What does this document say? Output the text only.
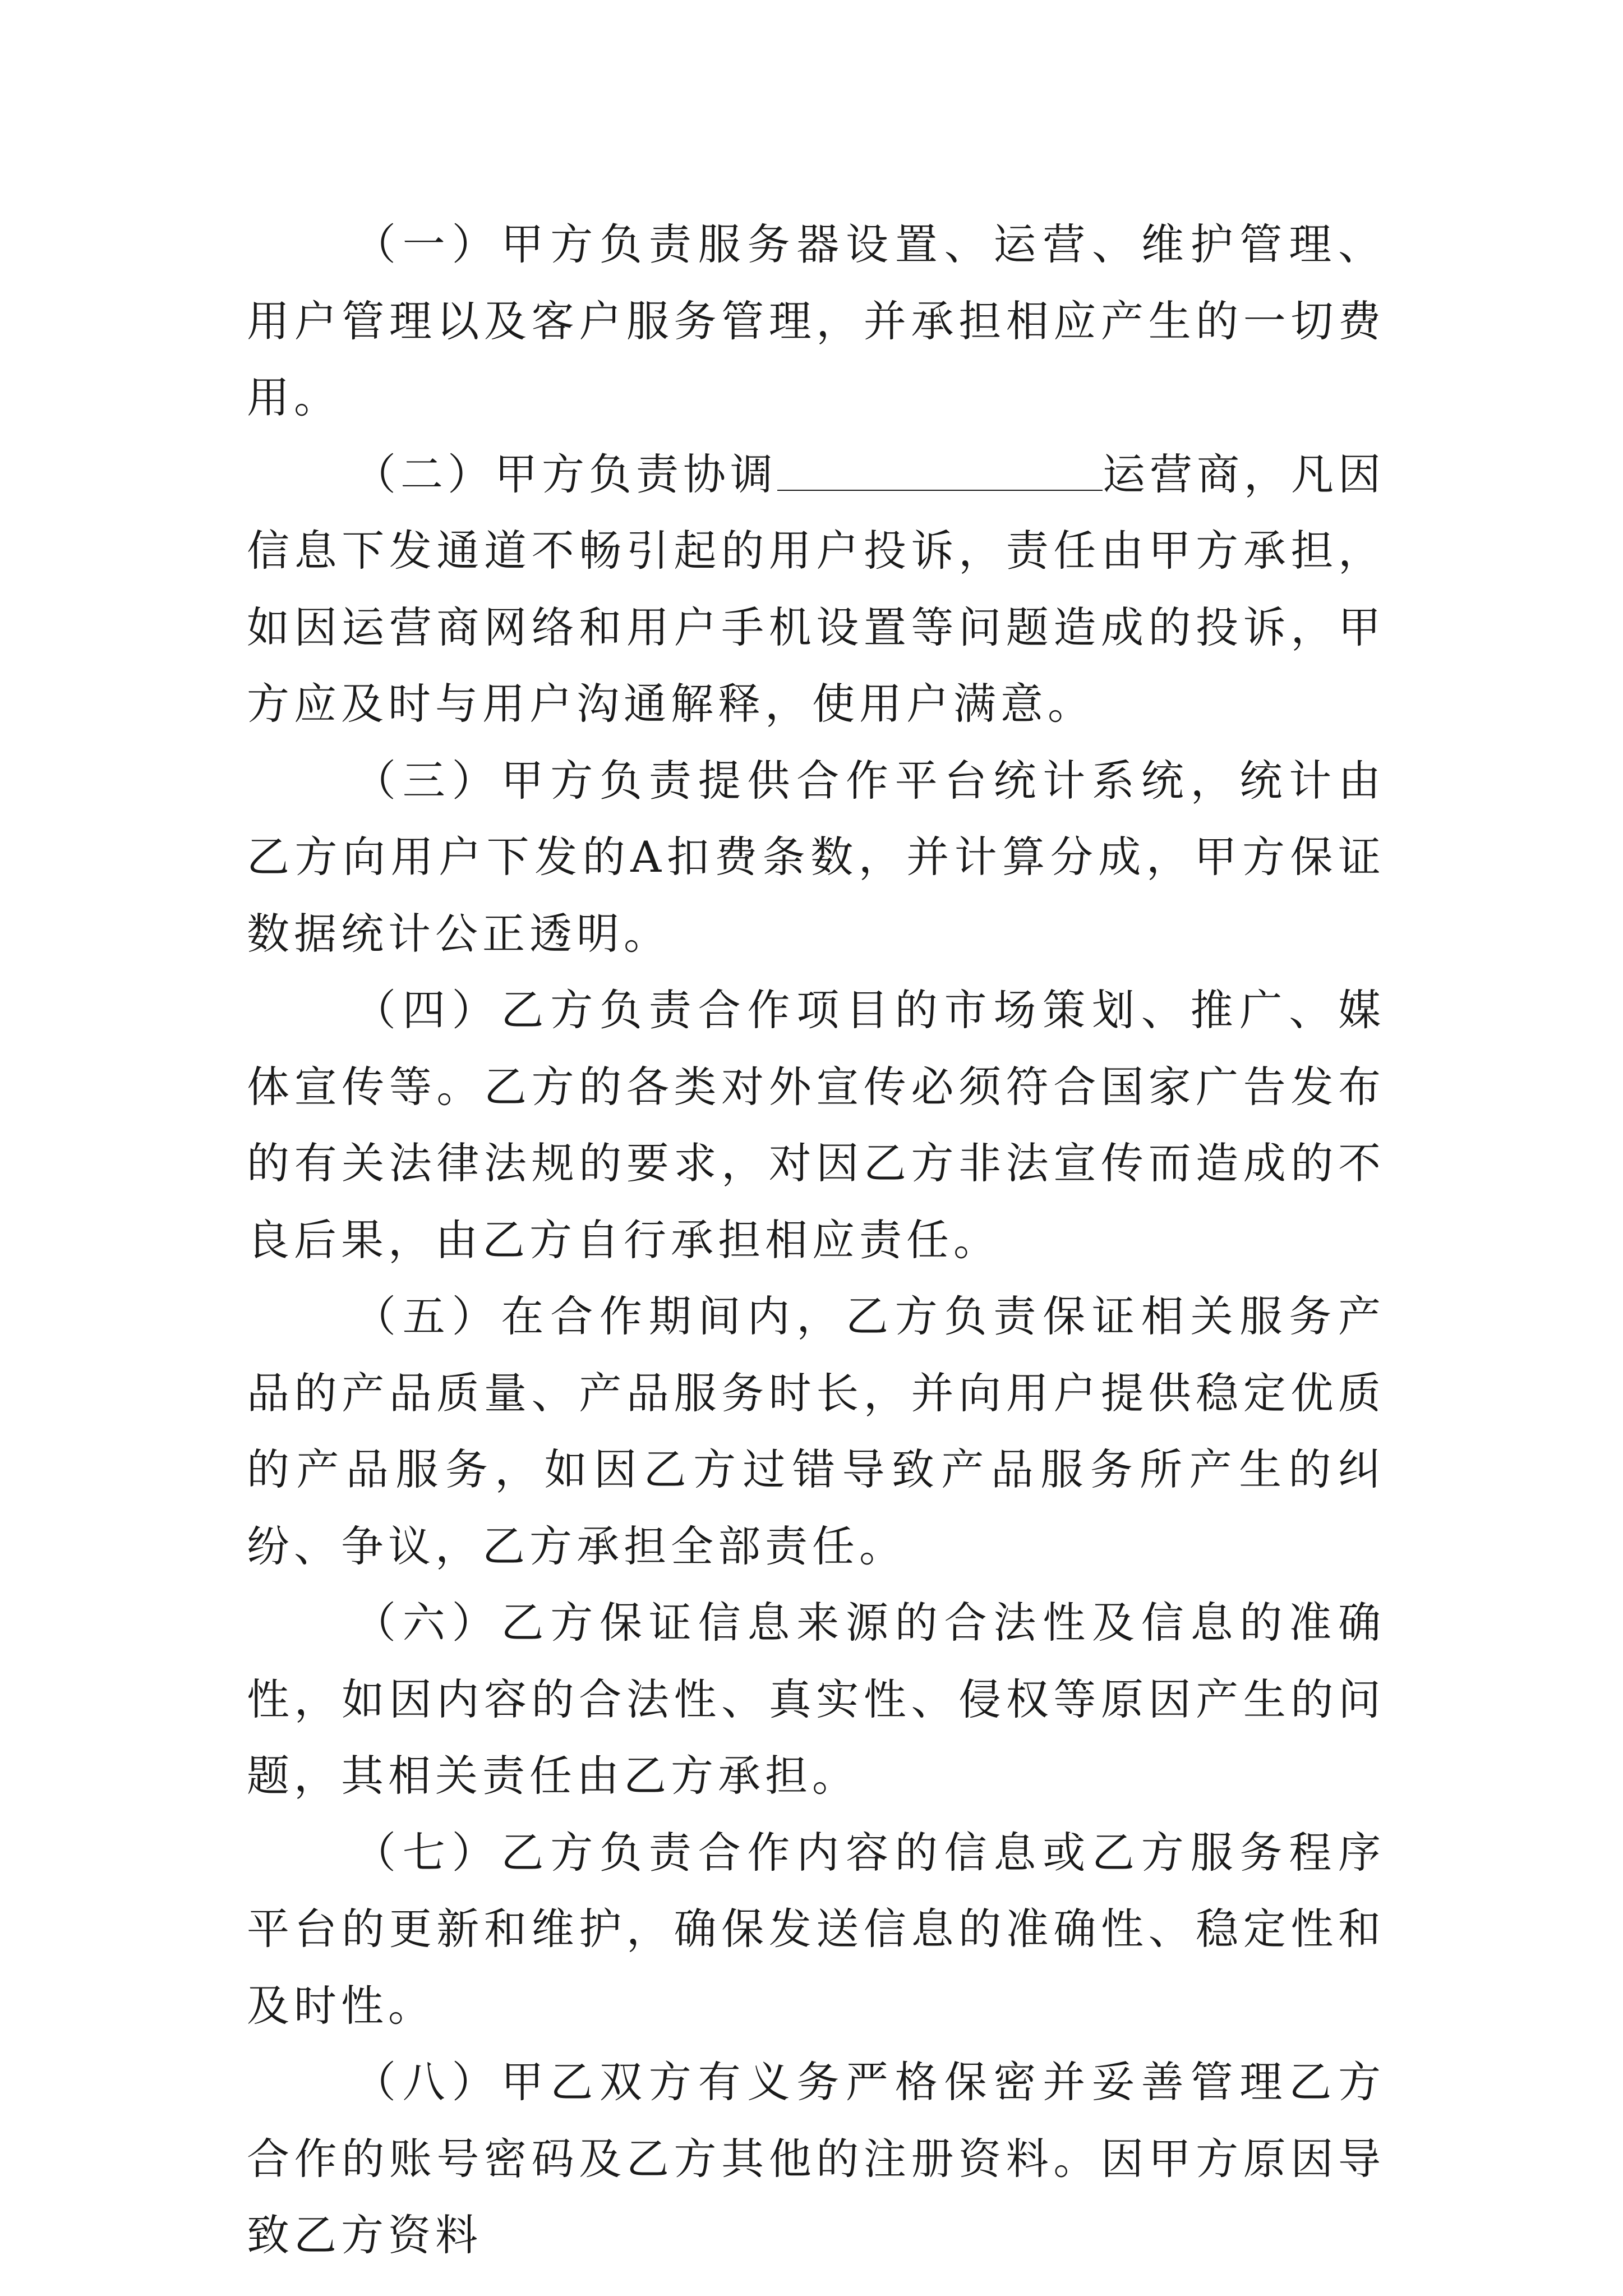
（一）甲方负责服务器设置、运营、维护管理、用户管理以及客户服务管理，并承担相应产生的一切费用。

（二）甲方负责协调	运营商，凡因信息下发通道不畅引起的用户投诉，责任由甲方承担，如因运营商网络和用户手机设置等问题造成的投诉，甲方应及时与用户沟通解释，使用户满意。

（三）甲方负责提供合作平台统计系统，统计由乙方向用户下发的A扣费条数，并计算分成，甲方保证数据统计公正透明。

（四）乙方负责合作项目的市场策划、推广、媒体宣传等。乙方的各类对外宣传必须符合国家广告发布的有关法律法规的要求，对因乙方非法宣传而造成的不良后果，由乙方自行承担相应责任。

（五）在合作期间内，乙方负责保证相关服务产品的产品质量、产品服务时长，并向用户提供稳定优质的产品服务，如因乙方过错导致产品服务所产生的纠纷、争议，乙方承担全部责任。

（六）乙方保证信息来源的合法性及信息的准确性，如因内容的合法性、真实性、侵权等原因产生的问题，其相关责任由乙方承担。

（七）乙方负责合作内容的信息或乙方服务程序平台的更新和维护，确保发送信息的准确性、稳定性和及时性。

（八）甲乙双方有义务严格保密并妥善管理乙方合作的账号密码及乙方其他的注册资料。因甲方原因导致乙方资料
